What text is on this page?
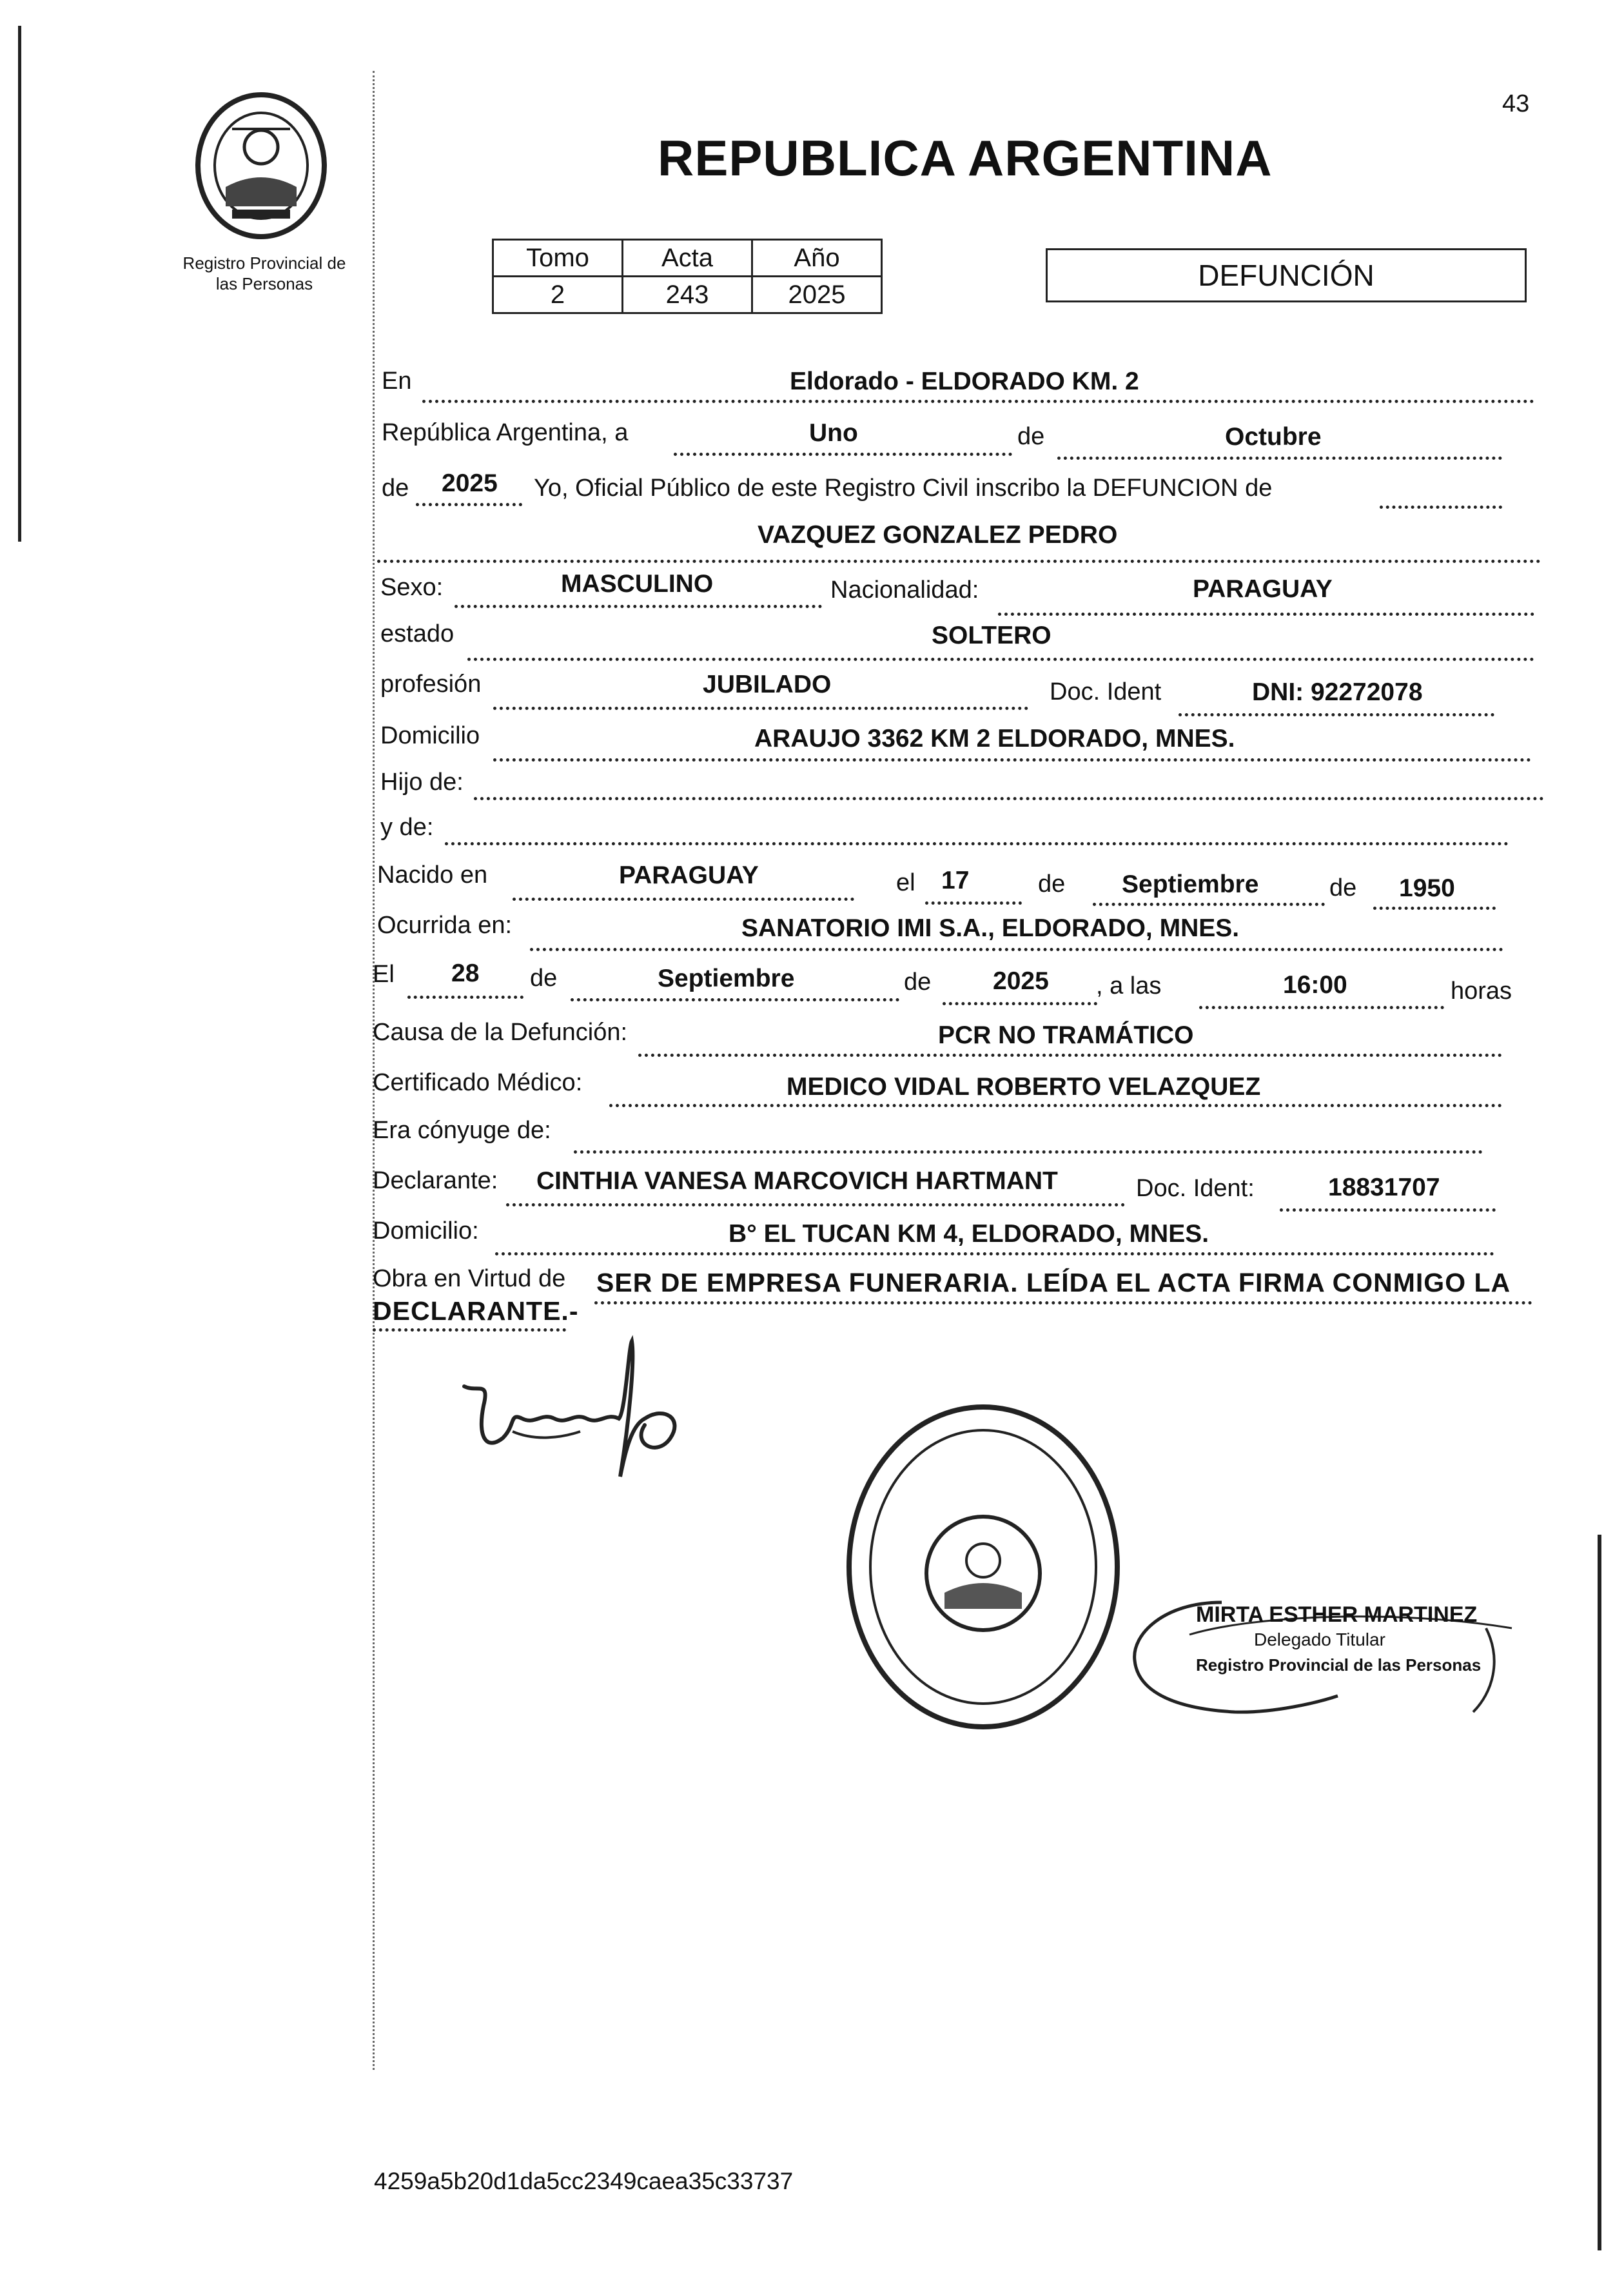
Registro Provincial de
las Personas
43
REPUBLICA ARGENTINA
Tomo	Acta	Año
2	243	2025
DEFUNCIÓN
En	Eldorado - ELDORADO KM. 2
República Argentina, a	Uno	de	Octubre
de 2025 Yo, Oficial Público de este Registro Civil inscribo la DEFUNCION de
VAZQUEZ GONZALEZ PEDRO
Sexo:	MASCULINO	Nacionalidad:	PARAGUAY
estado	SOLTERO
profesión	JUBILADO	Doc. Ident	DNI: 92272078
Domicilio	ARAUJO 3362 KM 2 ELDORADO, MNES.
Hijo de:
y de:
Nacido en	PARAGUAY	el 17	de Septiembre	de 1950
Ocurrida en:	SANATORIO IMI S.A., ELDORADO, MNES.
El 28 de	Septiembre	de 2025 , a las	16:00	horas
Causa de la Defunción:	PCR NO TRAMÁTICO
Certificado Médico:	MEDICO VIDAL ROBERTO VELAZQUEZ
Era cónyuge de:
Declarante: CINTHIA VANESA MARCOVICH HARTMANT	Doc. Ident:	18831707
Domicilio:	B° EL TUCAN KM 4, ELDORADO, MNES.
Obra en Virtud de SER DE EMPRESA FUNERARIA. LEÍDA EL ACTA FIRMA CONMIGO LA
DECLARANTE.-
MIRTA ESTHER MARTINEZ
Delegado Titular
Registro Provincial de las Personas
4259a5b20d1da5cc2349caea35c33737
